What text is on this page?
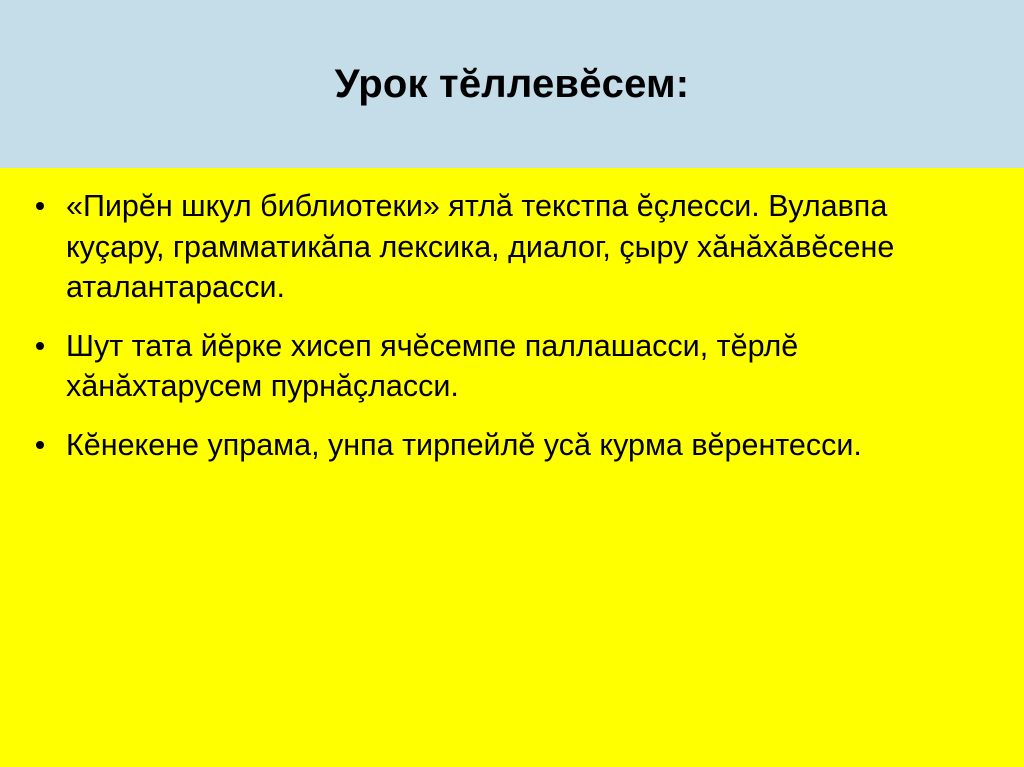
Урок тĕллевĕсем:
«Пирĕн шкул библиотеки» ятлă текстпа ĕçлесси. Вулавпа куçару, грамматикăпа лексика, диалог, çыру хăнăхăвĕсене аталантарасси.
Шут тата йĕрке хисеп ячĕсемпе паллашасси, тĕрлĕ хăнăхтарусем пурнăçласси.
Кĕнекене упрама, унпа тирпейлĕ усă курма вĕрентесси.
